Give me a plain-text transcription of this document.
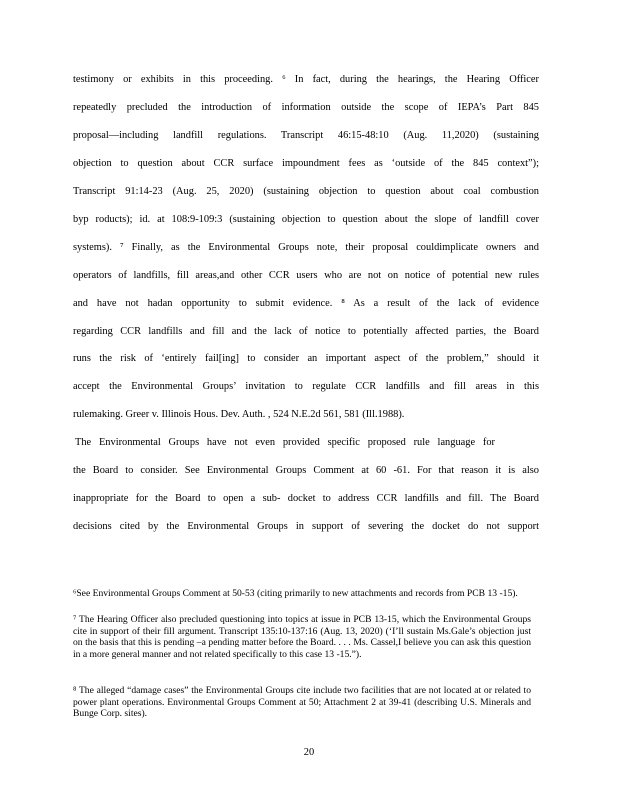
testimony or exhibits in this proceeding. ⁶ In fact, during the hearings, the Hearing Officer
repeatedly precluded the introduction of information outside the scope of IEPA’s Part 845
proposal—including landfill regulations. Transcript 46:15-48:10 (Aug. 11,2020) (sustaining
objection to question about CCR surface impoundment fees as ‘outside of the 845 context”);
Transcript 91:14-23 (Aug. 25, 2020) (sustaining objection to question about coal combustion
byp roducts); id. at 108:9-109:3 (sustaining objection to question about the slope of landfill cover
systems). ⁷ Finally, as the Environmental Groups note, their proposal couldimplicate owners and
operators of landfills, fill areas,and other CCR users who are not on notice of potential new rules
and have not hadan opportunity to submit evidence. ⁸ As a result of the lack of evidence
regarding CCR landfills and fill and the lack of notice to potentially affected parties, the Board
runs the risk of ‘entirely fail[ing] to consider an important aspect of the problem,” should it
accept the Environmental Groups’ invitation to regulate CCR landfills and fill areas in this
rulemaking. Greer v. Illinois Hous. Dev. Auth. , 524 N.E.2d 561, 581 (Ill.1988).
The Environmental Groups have not even provided specific proposed rule language for
the Board to consider. See Environmental Groups Comment at 60 -61. For that reason it is also
inappropriate for the Board to open a sub- docket to address CCR landfills and fill. The Board
decisions cited by the Environmental Groups in support of severing the docket do not support
⁶See Environmental Groups Comment at 50-53 (citing primarily to new attachments and records from PCB 13 -15).
⁷ The Hearing Officer also precluded questioning into topics at issue in PCB 13-15, which the Environmental Groups cite in support of their fill argument. Transcript 135:10-137:16 (Aug. 13, 2020) (‘I’ll sustain Ms.Gale’s objection just on the basis that this is pending –a pending matter before the Board. . . . Ms. Cassel,I believe you can ask this question in a more general manner and not related specifically to this case 13 -15.”).
⁸ The alleged “damage cases” the Environmental Groups cite include two facilities that are not located at or related to power plant operations. Environmental Groups Comment at 50; Attachment 2 at 39-41 (describing U.S. Minerals and Bunge Corp. sites).
20
